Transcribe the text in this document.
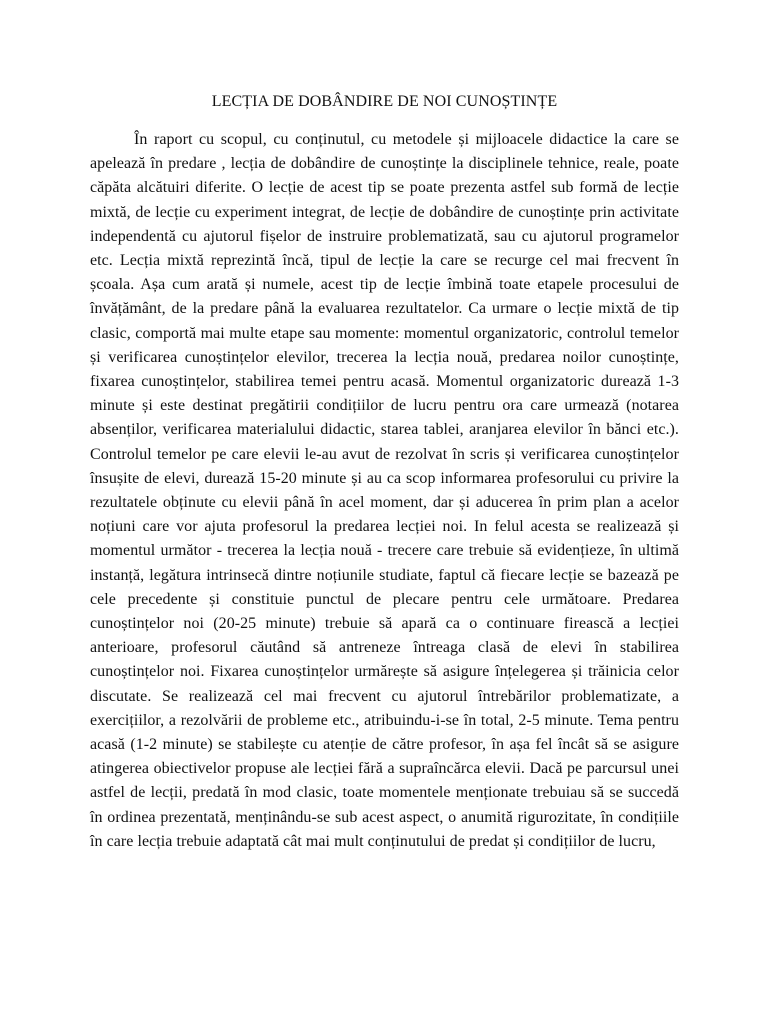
LECȚIA DE DOBÂNDIRE DE NOI CUNOȘTINȚE

În raport cu scopul, cu conținutul, cu metodele și mijloacele didactice la care se apelează în predare , lecția de dobândire de cunoștințe la disciplinele tehnice, reale, poate căpăta alcătuiri diferite. O lecție de acest tip se poate prezenta astfel sub formă de lecție mixtă, de lecție cu experiment integrat, de lecție de dobândire de cunoștințe prin activitate independentă cu ajutorul fișelor de instruire problematizată, sau cu ajutorul programelor etc. Lecția mixtă reprezintă încă, tipul de lecție la care se recurge cel mai frecvent în școala. Așa cum arată și numele, acest tip de lecție îmbină toate etapele procesului de învățământ, de la predare până la evaluarea rezultatelor. Ca urmare o lecție mixtă de tip clasic, comportă mai multe etape sau momente: momentul organizatoric, controlul temelor și verificarea cunoștințelor elevilor, trecerea la lecția nouă, predarea noilor cunoștințe, fixarea cunoștințelor, stabilirea temei pentru acasă. Momentul organizatoric durează 1-3 minute și este destinat pregătirii condițiilor de lucru pentru ora care urmează (notarea absenților, verificarea materialului didactic, starea tablei, aranjarea elevilor în bănci etc.). Controlul temelor pe care elevii le-au avut de rezolvat în scris și verificarea cunoștințelor însușite de elevi, durează 15-20 minute și au ca scop informarea profesorului cu privire la rezultatele obținute cu elevii până în acel moment, dar și aducerea în prim plan a acelor noțiuni care vor ajuta profesorul la predarea lecției noi. In felul acesta se realizează și momentul următor - trecerea la lecția nouă - trecere care trebuie să evidențieze, în ultimă instanță, legătura intrinsecă dintre noțiunile studiate, faptul că fiecare lecție se bazează pe cele precedente și constituie punctul de plecare pentru cele următoare. Predarea cunoștințelor noi (20-25 minute) trebuie să apară ca o continuare firească a lecției anterioare, profesorul căutând să antreneze întreaga clasă de elevi în stabilirea cunoștințelor noi. Fixarea cunoștințelor urmărește să asigure înțelegerea și trăinicia celor discutate. Se realizează cel mai frecvent cu ajutorul întrebărilor problematizate, a exercițiilor, a rezolvării de probleme etc., atribuindu-i-se în total, 2-5 minute. Tema pentru acasă (1-2 minute) se stabilește cu atenție de către profesor, în așa fel încât să se asigure atingerea obiectivelor propuse ale lecției fără a supraîncărca elevii. Dacă pe parcursul unei astfel de lecții, predată în mod clasic, toate momentele menționate trebuiau să se succedă în ordinea prezentată, menținându-se sub acest aspect, o anumită rigurozitate, în condițiile în care lecția trebuie adaptată cât mai mult conținutului de predat și condițiilor de lucru,
